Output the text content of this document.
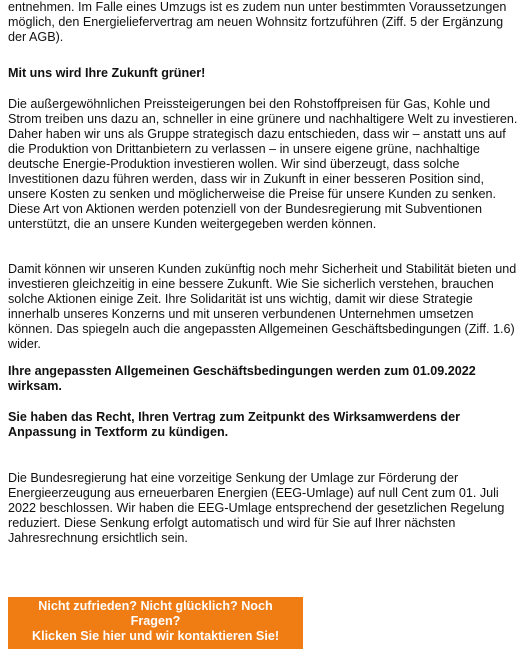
entnehmen. Im Falle eines Umzugs ist es zudem nun unter bestimmten Voraussetzungen möglich, den Energieliefervertrag am neuen Wohnsitz fortzuführen (Ziff. 5 der Ergänzung der AGB).

Mit uns wird Ihre Zukunft grüner!

Die außergewöhnlichen Preissteigerungen bei den Rohstoffpreisen für Gas, Kohle und Strom treiben uns dazu an, schneller in eine grünere und nachhaltigere Welt zu investieren. Daher haben wir uns als Gruppe strategisch dazu entschieden, dass wir – anstatt uns auf die Produktion von Drittanbietern zu verlassen – in unsere eigene grüne, nachhaltige deutsche Energie-Produktion investieren wollen. Wir sind überzeugt, dass solche Investitionen dazu führen werden, dass wir in Zukunft in einer besseren Position sind, unsere Kosten zu senken und möglicherweise die Preise für unsere Kunden zu senken. Diese Art von Aktionen werden potenziell von der Bundesregierung mit Subventionen unterstützt, die an unsere Kunden weitergegeben werden können.

Damit können wir unseren Kunden zukünftig noch mehr Sicherheit und Stabilität bieten und investieren gleichzeitig in eine bessere Zukunft. Wie Sie sicherlich verstehen, brauchen solche Aktionen einige Zeit. Ihre Solidarität ist uns wichtig, damit wir diese Strategie innerhalb unseres Konzerns und mit unseren verbundenen Unternehmen umsetzen können. Das spiegeln auch die angepassten Allgemeinen Geschäftsbedingungen (Ziff. 1.6) wider.

Ihre angepassten Allgemeinen Geschäftsbedingungen werden zum 01.09.2022 wirksam.

Sie haben das Recht, Ihren Vertrag zum Zeitpunkt des Wirksamwerdens der Anpassung in Textform zu kündigen.

Die Bundesregierung hat eine vorzeitige Senkung der Umlage zur Förderung der Energieerzeugung aus erneuerbaren Energien (EEG-Umlage) auf null Cent zum 01. Juli 2022 beschlossen. Wir haben die EEG-Umlage entsprechend der gesetzlichen Regelung reduziert. Diese Senkung erfolgt automatisch und wird für Sie auf Ihrer nächsten Jahresrechnung ersichtlich sein.

Nicht zufrieden? Nicht glücklich? Noch
Fragen?
Klicken Sie hier und wir kontaktieren Sie!
